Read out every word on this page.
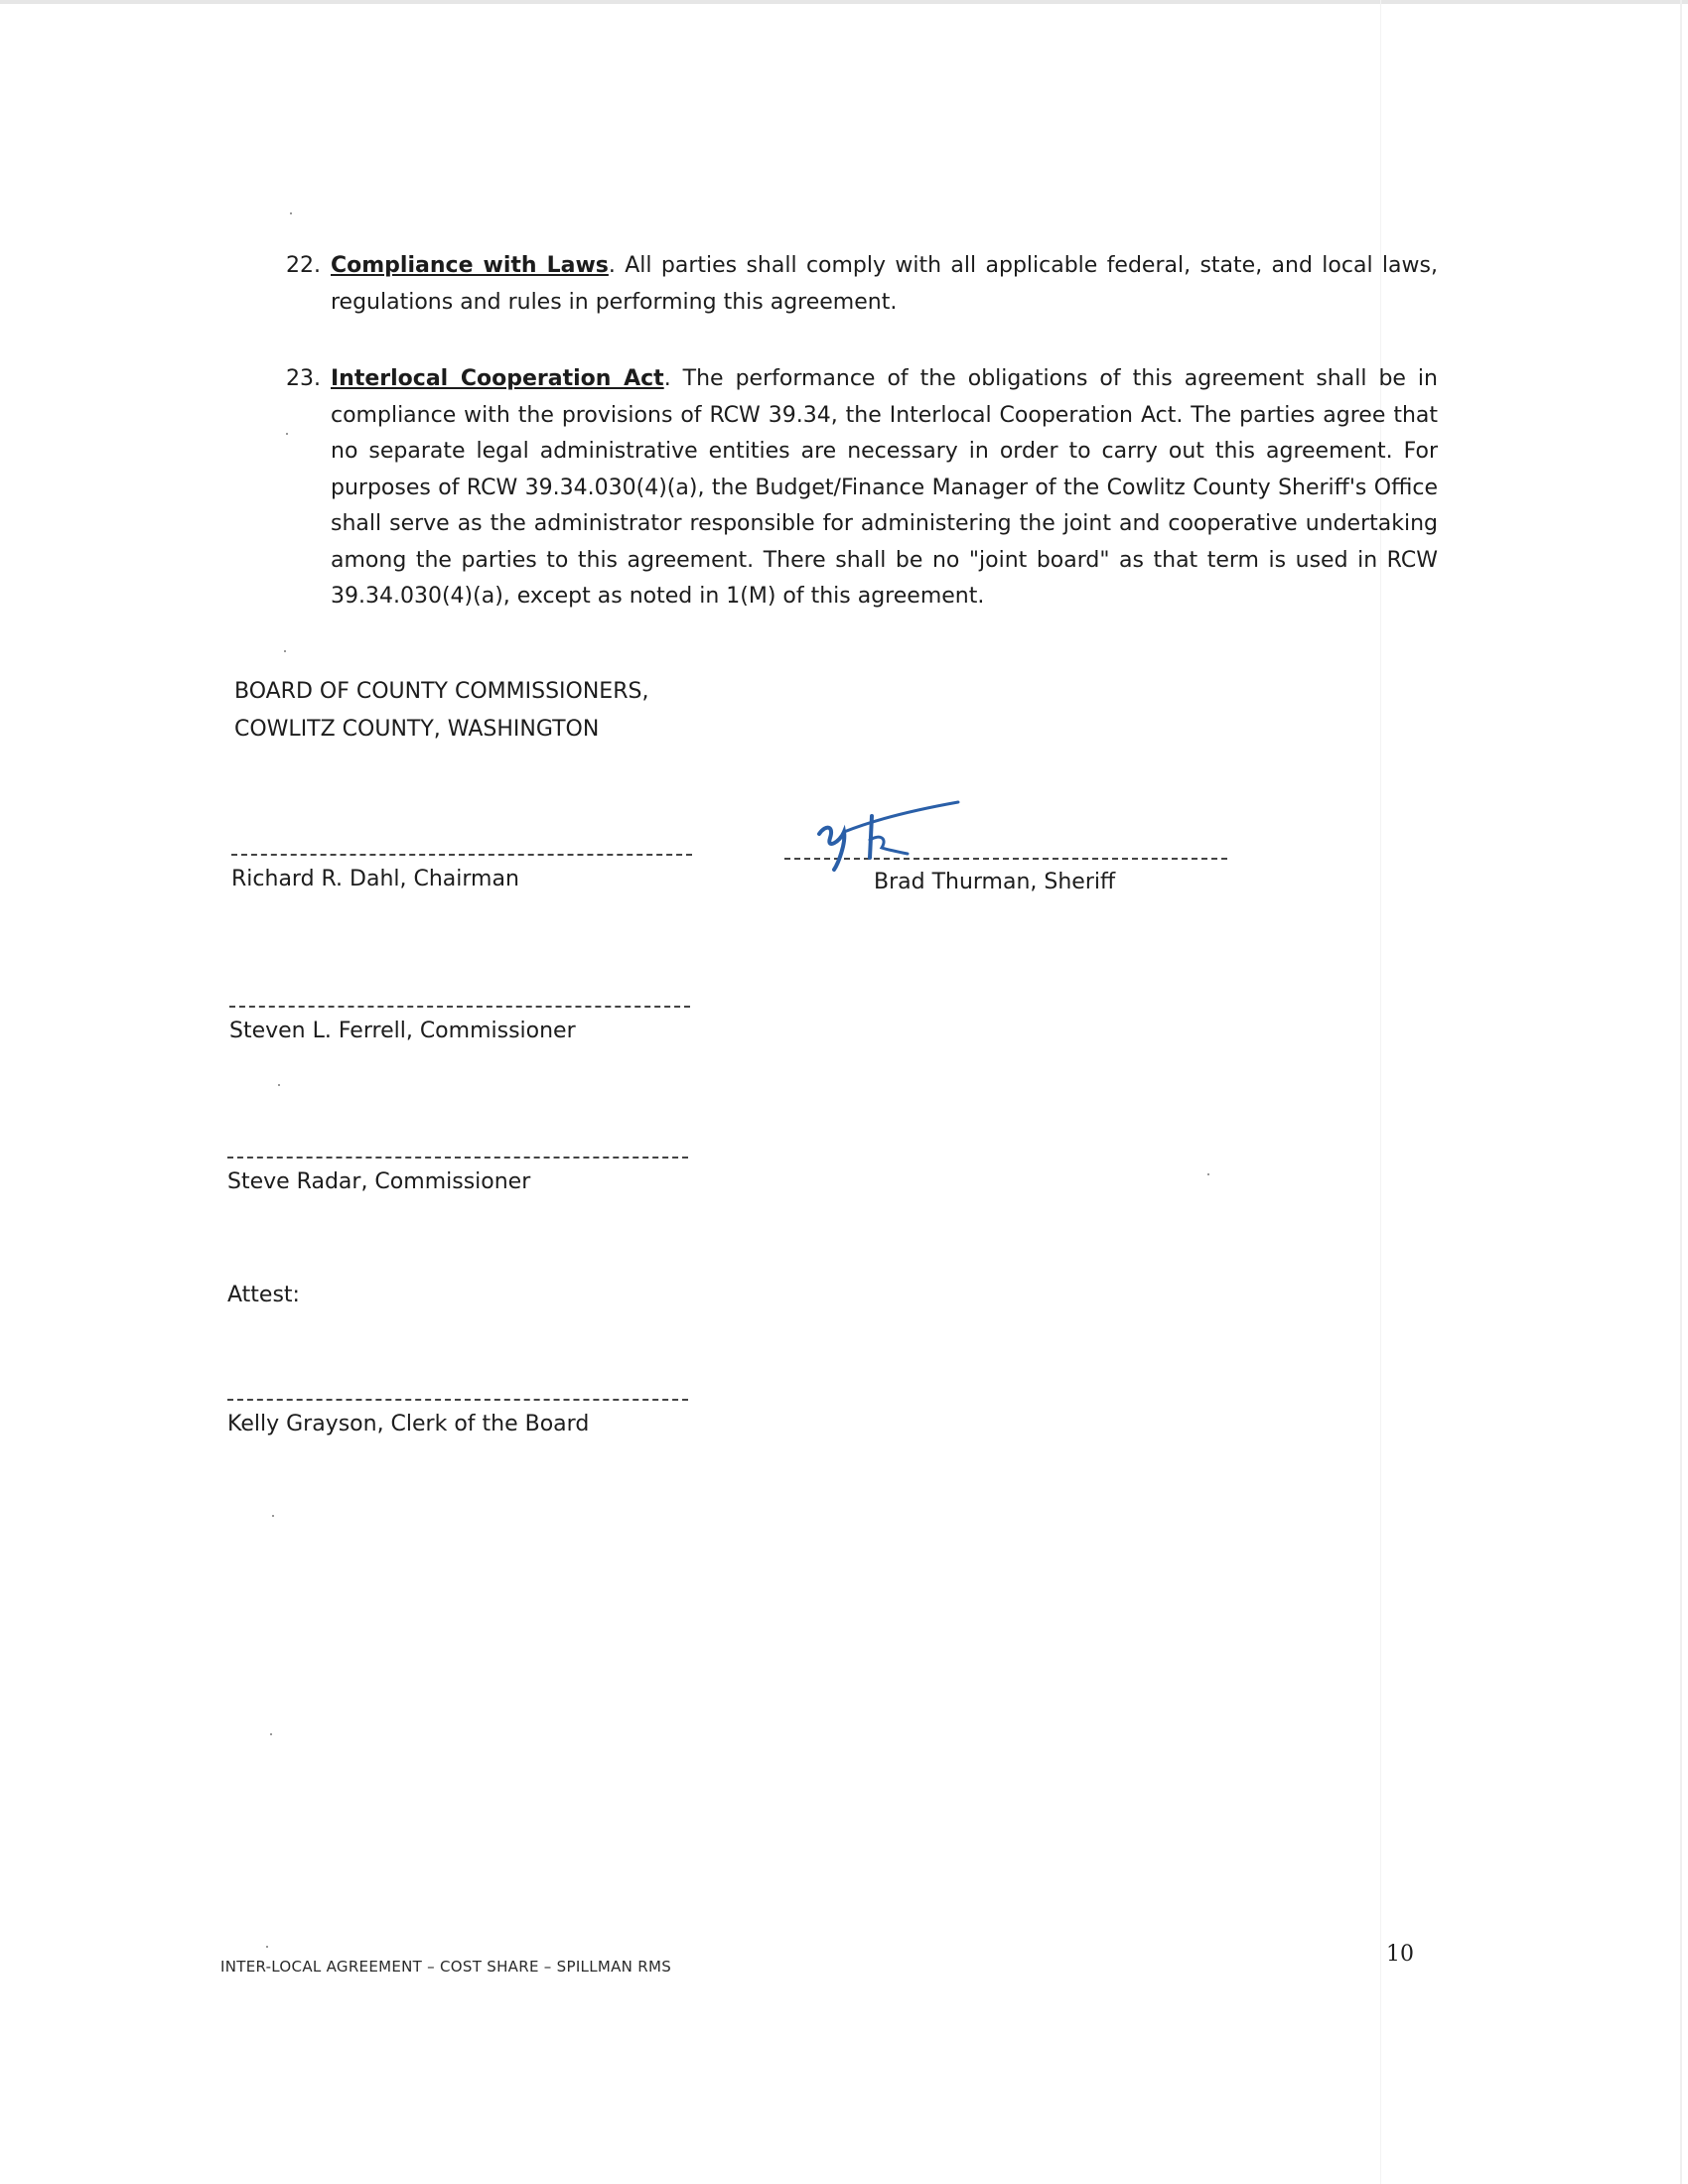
22. Compliance with Laws. All parties shall comply with all applicable federal, state, and local laws, regulations and rules in performing this agreement.
23. Interlocal Cooperation Act. The performance of the obligations of this agreement shall be in compliance with the provisions of RCW 39.34, the Interlocal Cooperation Act. The parties agree that no separate legal administrative entities are necessary in order to carry out this agreement. For purposes of RCW 39.34.030(4)(a), the Budget/Finance Manager of the Cowlitz County Sheriff's Office shall serve as the administrator responsible for administering the joint and cooperative undertaking among the parties to this agreement. There shall be no "joint board" as that term is used in RCW 39.34.030(4)(a), except as noted in 1(M) of this agreement.
BOARD OF COUNTY COMMISSIONERS,
COWLITZ COUNTY, WASHINGTON
Richard R. Dahl, Chairman	Brad Thurman, Sheriff
Steven L. Ferrell, Commissioner
Steve Radar, Commissioner
Attest:
Kelly Grayson, Clerk of the Board
INTER-LOCAL AGREEMENT – COST SHARE – SPILLMAN RMS	10
